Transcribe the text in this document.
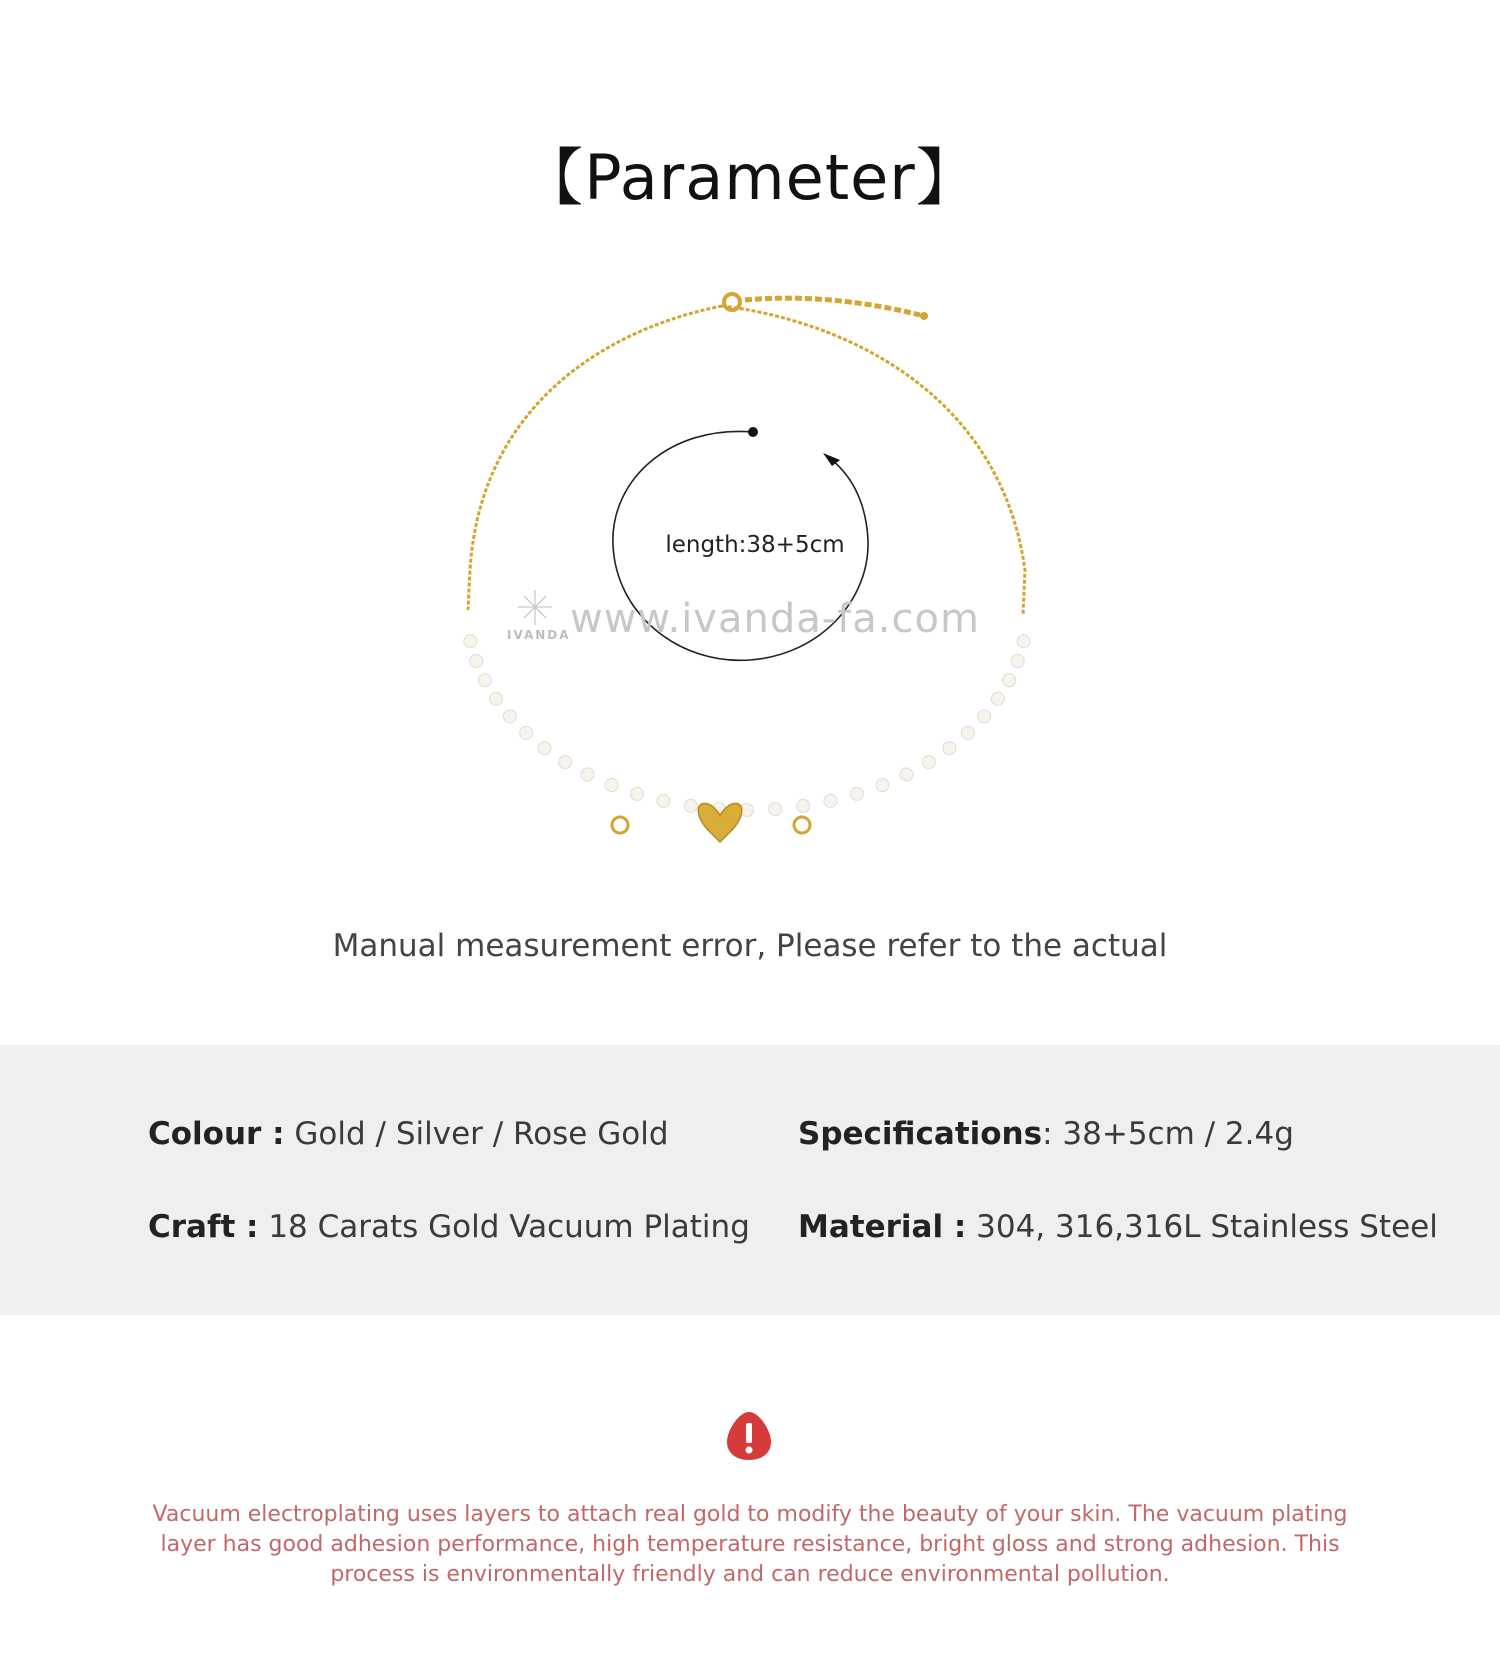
【Parameter】
length:38+5cm
www.ivanda-fa.com
IVANDA
Manual measurement error, Please refer to the actual
Colour : Gold / Silver / Rose Gold	Specifications: 38+5cm / 2.4g
Craft : 18 Carats Gold Vacuum Plating Material : 304, 316,316L Stainless Steel
Vacuum electroplating uses layers to attach real gold to modify the beauty of your skin. The vacuum plating layer has good adhesion performance, high temperature resistance, bright gloss and strong adhesion. This process is environmentally friendly and can reduce environmental pollution.
